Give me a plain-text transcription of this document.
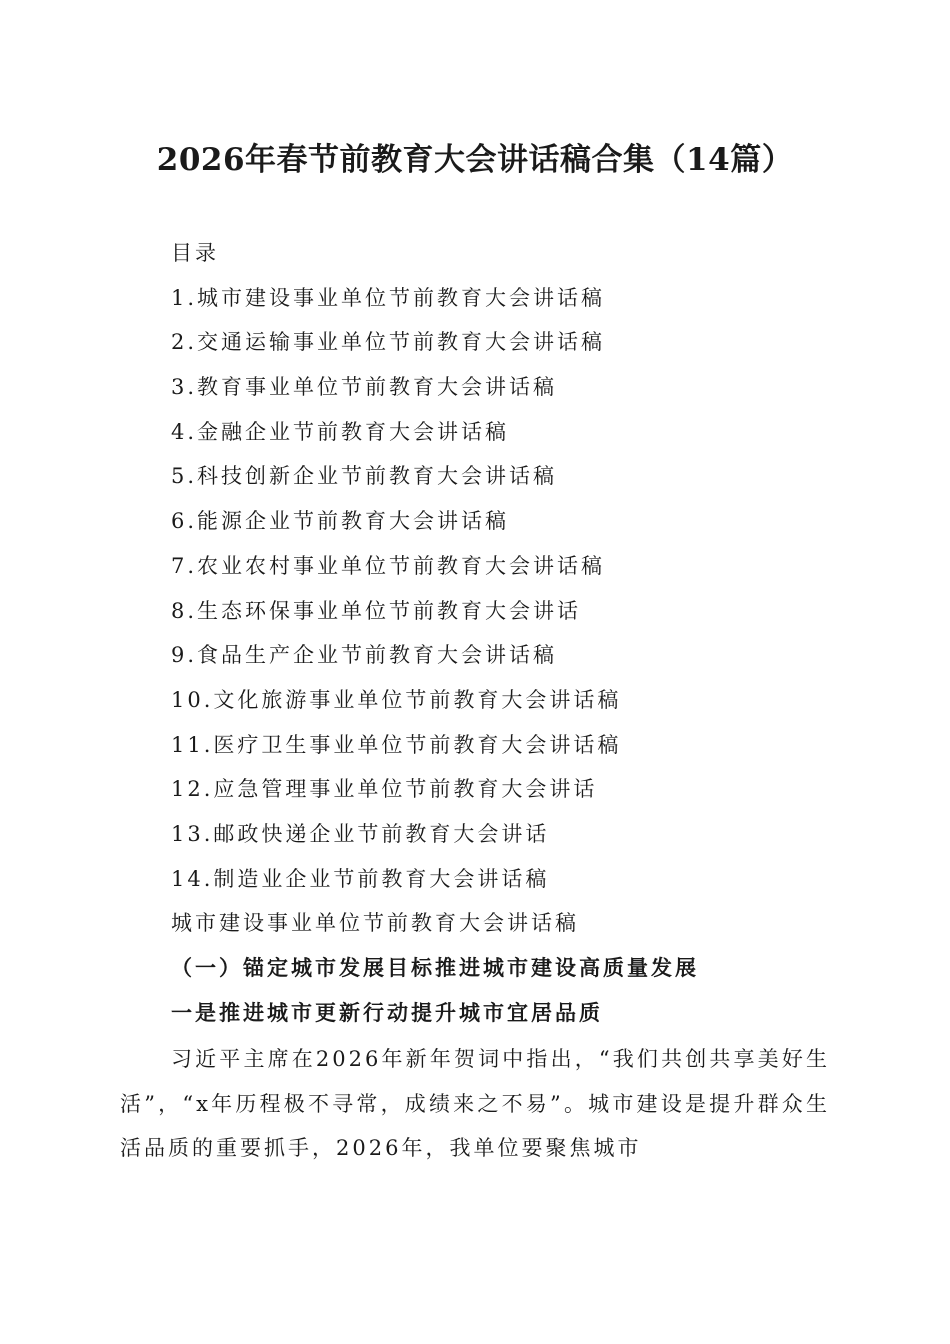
2026年春节前教育大会讲话稿合集（14篇）
目录
1.城市建设事业单位节前教育大会讲话稿
2.交通运输事业单位节前教育大会讲话稿
3.教育事业单位节前教育大会讲话稿
4.金融企业节前教育大会讲话稿
5.科技创新企业节前教育大会讲话稿
6.能源企业节前教育大会讲话稿
7.农业农村事业单位节前教育大会讲话稿
8.生态环保事业单位节前教育大会讲话
9.食品生产企业节前教育大会讲话稿
10.文化旅游事业单位节前教育大会讲话稿
11.医疗卫生事业单位节前教育大会讲话稿
12.应急管理事业单位节前教育大会讲话
13.邮政快递企业节前教育大会讲话
14.制造业企业节前教育大会讲话稿
城市建设事业单位节前教育大会讲话稿
（一）锚定城市发展目标推进城市建设高质量发展
一是推进城市更新行动提升城市宜居品质

习近平主席在2026年新年贺词中指出，“我们共创共享美好生活”，“x年历程极不寻常，成绩来之不易”。城市建设是提升群众生活品质的重要抓手，2026年，我单位要聚焦城市
